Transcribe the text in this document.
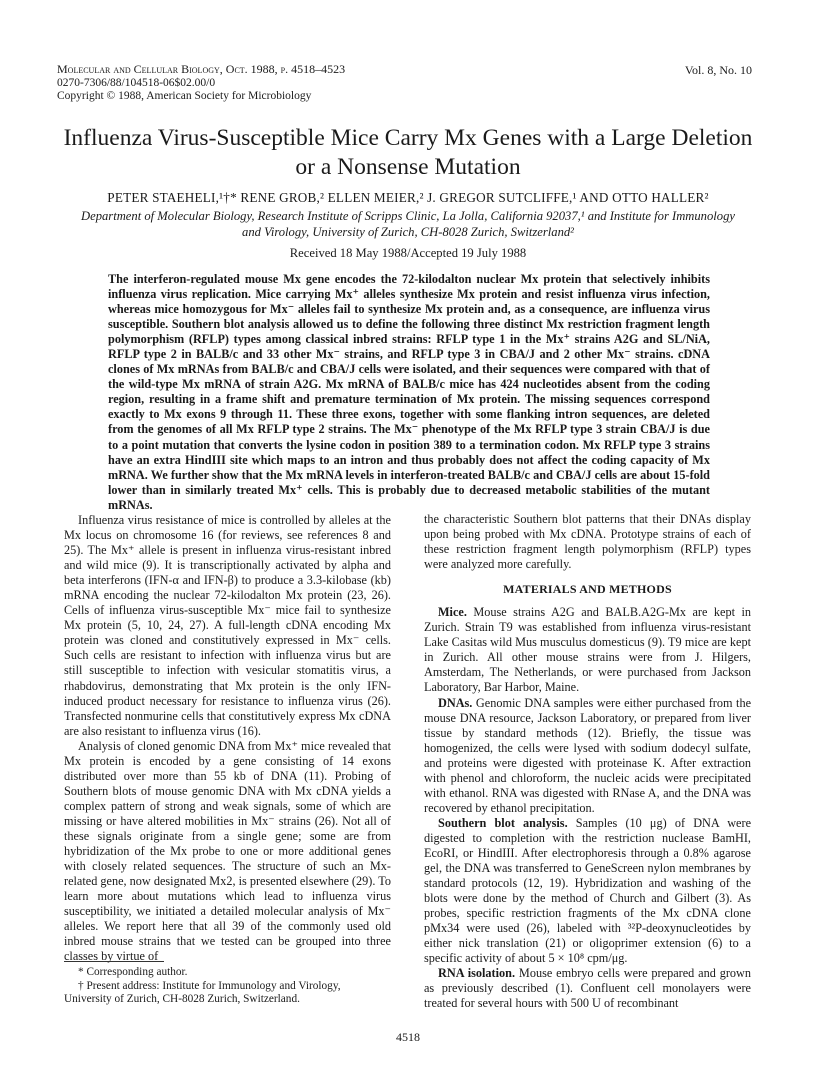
Molecular and Cellular Biology, Oct. 1988, p. 4518–4523
0270-7306/88/104518-06$02.00/0
Copyright © 1988, American Society for Microbiology
Vol. 8, No. 10
Influenza Virus-Susceptible Mice Carry Mx Genes with a Large Deletion or a Nonsense Mutation
PETER STAEHELI,¹†* RENE GROB,² ELLEN MEIER,² J. GREGOR SUTCLIFFE,¹ AND OTTO HALLER²
Department of Molecular Biology, Research Institute of Scripps Clinic, La Jolla, California 92037,¹ and Institute for Immunology and Virology, University of Zurich, CH-8028 Zurich, Switzerland²
Received 18 May 1988/Accepted 19 July 1988

The interferon-regulated mouse Mx gene encodes the 72-kilodalton nuclear Mx protein that selectively inhibits influenza virus replication. Mice carrying Mx⁺ alleles synthesize Mx protein and resist influenza virus infection, whereas mice homozygous for Mx⁻ alleles fail to synthesize Mx protein and, as a consequence, are influenza virus susceptible. Southern blot analysis allowed us to define the following three distinct Mx restriction fragment length polymorphism (RFLP) types among classical inbred strains: RFLP type 1 in the Mx⁺ strains A2G and SL/NiA, RFLP type 2 in BALB/c and 33 other Mx⁻ strains, and RFLP type 3 in CBA/J and 2 other Mx⁻ strains. cDNA clones of Mx mRNAs from BALB/c and CBA/J cells were isolated, and their sequences were compared with that of the wild-type Mx mRNA of strain A2G. Mx mRNA of BALB/c mice has 424 nucleotides absent from the coding region, resulting in a frame shift and premature termination of Mx protein. The missing sequences correspond exactly to Mx exons 9 through 11. These three exons, together with some flanking intron sequences, are deleted from the genomes of all Mx RFLP type 2 strains. The Mx⁻ phenotype of the Mx RFLP type 3 strain CBA/J is due to a point mutation that converts the lysine codon in position 389 to a termination codon. Mx RFLP type 3 strains have an extra HindIII site which maps to an intron and thus probably does not affect the coding capacity of Mx mRNA. We further show that the Mx mRNA levels in interferon-treated BALB/c and CBA/J cells are about 15-fold lower than in similarly treated Mx⁺ cells. This is probably due to decreased metabolic stabilities of the mutant mRNAs.

Influenza virus resistance of mice is controlled by alleles at the Mx locus on chromosome 16 (for reviews, see references 8 and 25). The Mx⁺ allele is present in influenza virus-resistant inbred and wild mice (9). It is transcriptionally activated by alpha and beta interferons (IFN-α and IFN-β) to produce a 3.3-kilobase (kb) mRNA encoding the nuclear 72-kilodalton Mx protein (23, 26). Cells of influenza virus-susceptible Mx⁻ mice fail to synthesize Mx protein (5, 10, 24, 27). A full-length cDNA encoding Mx protein was cloned and constitutively expressed in Mx⁻ cells. Such cells are resistant to infection with influenza virus but are still susceptible to infection with vesicular stomatitis virus, a rhabdovirus, demonstrating that Mx protein is the only IFN-induced product necessary for resistance to influenza virus (26). Transfected nonmurine cells that constitutively express Mx cDNA are also resistant to influenza virus (16).

Analysis of cloned genomic DNA from Mx⁺ mice revealed that Mx protein is encoded by a gene consisting of 14 exons distributed over more than 55 kb of DNA (11). Probing of Southern blots of mouse genomic DNA with Mx cDNA yields a complex pattern of strong and weak signals, some of which are missing or have altered mobilities in Mx⁻ strains (26). Not all of these signals originate from a single gene; some are from hybridization of the Mx probe to one or more additional genes with closely related sequences. The structure of such an Mx-related gene, now designated Mx2, is presented elsewhere (29). To learn more about mutations which lead to influenza virus susceptibility, we initiated a detailed molecular analysis of Mx⁻ alleles. We report here that all 39 of the commonly used old inbred mouse strains that we tested can be grouped into three classes by virtue of

the characteristic Southern blot patterns that their DNAs display upon being probed with Mx cDNA. Prototype strains of each of these restriction fragment length polymorphism (RFLP) types were analyzed more carefully.

MATERIALS AND METHODS

Mice. Mouse strains A2G and BALB.A2G-Mx are kept in Zurich. Strain T9 was established from influenza virus-resistant Lake Casitas wild Mus musculus domesticus (9). T9 mice are kept in Zurich. All other mouse strains were from J. Hilgers, Amsterdam, The Netherlands, or were purchased from Jackson Laboratory, Bar Harbor, Maine.

DNAs. Genomic DNA samples were either purchased from the mouse DNA resource, Jackson Laboratory, or prepared from liver tissue by standard methods (12). Briefly, the tissue was homogenized, the cells were lysed with sodium dodecyl sulfate, and proteins were digested with proteinase K. After extraction with phenol and chloroform, the nucleic acids were precipitated with ethanol. RNA was digested with RNase A, and the DNA was recovered by ethanol precipitation.

Southern blot analysis. Samples (10 μg) of DNA were digested to completion with the restriction nuclease BamHI, EcoRI, or HindIII. After electrophoresis through a 0.8% agarose gel, the DNA was transferred to GeneScreen nylon membranes by standard protocols (12, 19). Hybridization and washing of the blots were done by the method of Church and Gilbert (3). As probes, specific restriction fragments of the Mx cDNA clone pMx34 were used (26), labeled with ³²P-deoxynucleotides by either nick translation (21) or oligoprimer extension (6) to a specific activity of about 5 × 10⁸ cpm/μg.

RNA isolation. Mouse embryo cells were prepared and grown as previously described (1). Confluent cell monolayers were treated for several hours with 500 U of recombinant

* Corresponding author.
† Present address: Institute for Immunology and Virology, University of Zurich, CH-8028 Zurich, Switzerland.
4518
